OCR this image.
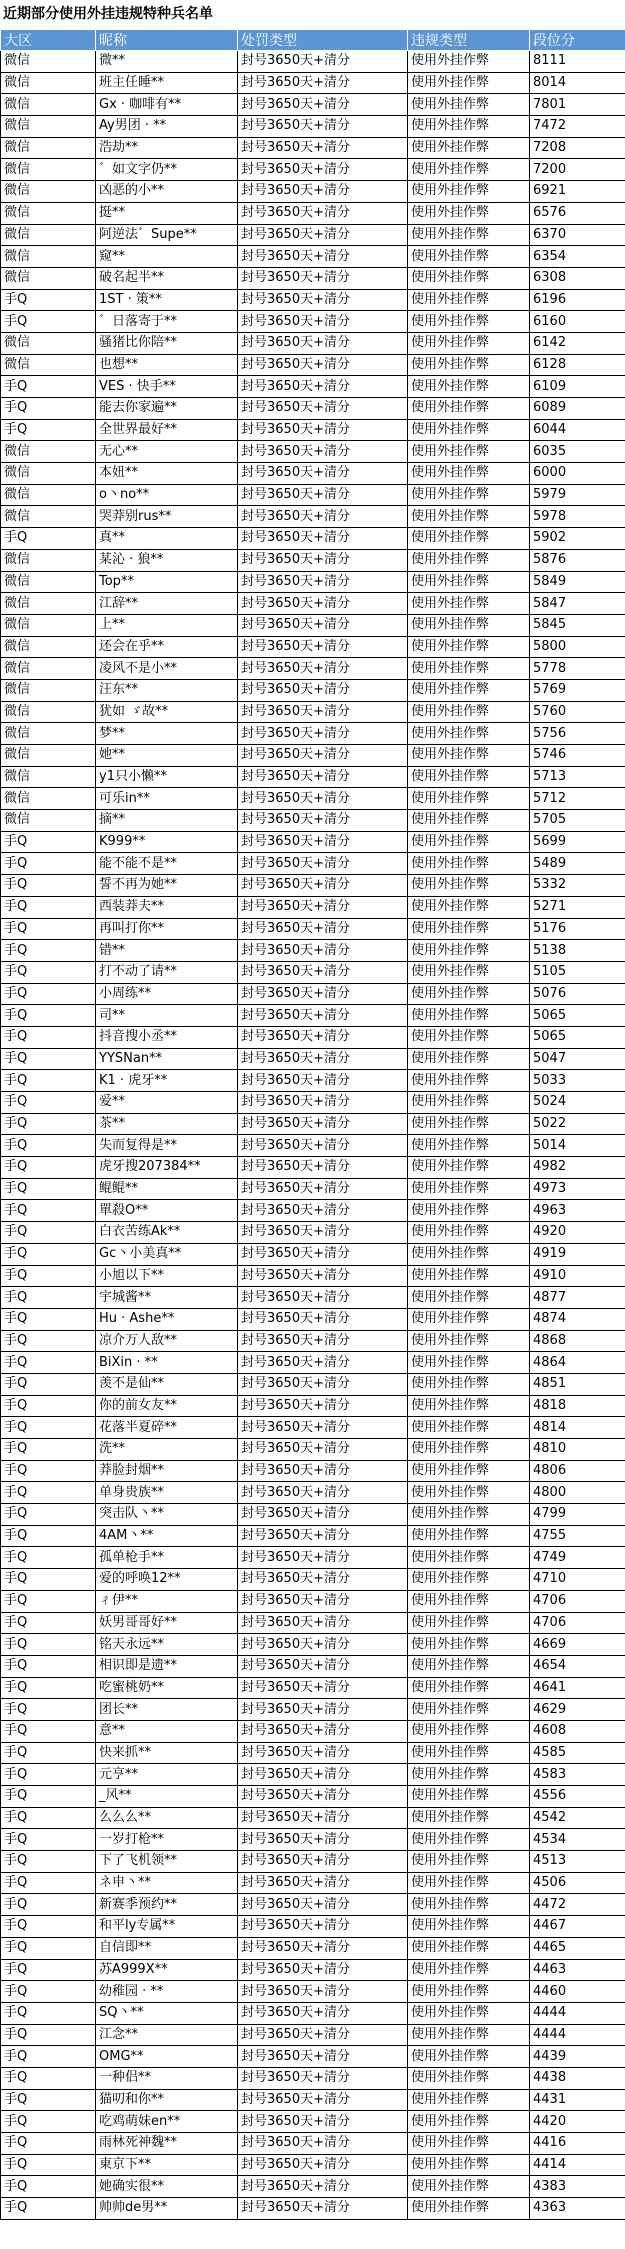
近期部分使用外挂违规特种兵名单
大区	昵称	处罚类型	违规类型	段位分
微信	微**	封号3650天+清分	使用外挂作弊	8111
微信	班主任睡**	封号3650天+清分	使用外挂作弊	8014
微信	Gx · 咖啡有**	封号3650天+清分	使用外挂作弊	7801
微信	Ay男团 · **	封号3650天+清分	使用外挂作弊	7472
微信	浩劫**	封号3650天+清分	使用外挂作弊	7208
微信	゛如文字仍**	封号3650天+清分	使用外挂作弊	7200
微信	凶恶的小**	封号3650天+清分	使用外挂作弊	6921
微信	挺**	封号3650天+清分	使用外挂作弊	6576
微信	阿逆法゛Supe**	封号3650天+清分	使用外挂作弊	6370
微信	窥**	封号3650天+清分	使用外挂作弊	6354
微信	破名起半**	封号3650天+清分	使用外挂作弊	6308
手Q	1ST · 策**	封号3650天+清分	使用外挂作弊	6196
手Q	゛日落寄于**	封号3650天+清分	使用外挂作弊	6160
微信	骚猪比你陪**	封号3650天+清分	使用外挂作弊	6142
微信	也想**	封号3650天+清分	使用外挂作弊	6128
手Q	VES · 快手**	封号3650天+清分	使用外挂作弊	6109
手Q	能去你家遍**	封号3650天+清分	使用外挂作弊	6089
手Q	全世界最好**	封号3650天+清分	使用外挂作弊	6044
微信	无心**	封号3650天+清分	使用外挂作弊	6035
微信	本妞**	封号3650天+清分	使用外挂作弊	6000
微信	o丶no**	封号3650天+清分	使用外挂作弊	5979
微信	哭莽别rus**	封号3650天+清分	使用外挂作弊	5978
手Q	真**	封号3650天+清分	使用外挂作弊	5902
微信	某沁 · 狼**	封号3650天+清分	使用外挂作弊	5876
微信	Top**	封号3650天+清分	使用外挂作弊	5849
微信	江辞**	封号3650天+清分	使用外挂作弊	5847
微信	上**	封号3650天+清分	使用外挂作弊	5845
微信	还会在乎**	封号3650天+清分	使用外挂作弊	5800
微信	凌风不是小**	封号3650天+清分	使用外挂作弊	5778
微信	汪东**	封号3650天+清分	使用外挂作弊	5769
微信	犹如 ゞ故**	封号3650天+清分	使用外挂作弊	5760
微信	梦**	封号3650天+清分	使用外挂作弊	5756
微信	她**	封号3650天+清分	使用外挂作弊	5746
微信	y1只小懒**	封号3650天+清分	使用外挂作弊	5713
微信	可乐in**	封号3650天+清分	使用外挂作弊	5712
微信	摘**	封号3650天+清分	使用外挂作弊	5705
手Q	K999**	封号3650天+清分	使用外挂作弊	5699
手Q	能不能不是**	封号3650天+清分	使用外挂作弊	5489
手Q	誓不再为她**	封号3650天+清分	使用外挂作弊	5332
手Q	西装莽夫**	封号3650天+清分	使用外挂作弊	5271
手Q	再叫打你**	封号3650天+清分	使用外挂作弊	5176
手Q	错**	封号3650天+清分	使用外挂作弊	5138
手Q	打不动了请**	封号3650天+清分	使用外挂作弊	5105
手Q	小周练**	封号3650天+清分	使用外挂作弊	5076
手Q	司**	封号3650天+清分	使用外挂作弊	5065
手Q	抖音搜小丞**	封号3650天+清分	使用外挂作弊	5065
手Q	YYSNan**	封号3650天+清分	使用外挂作弊	5047
手Q	K1 · 虎牙**	封号3650天+清分	使用外挂作弊	5033
手Q	爱**	封号3650天+清分	使用外挂作弊	5024
手Q	茶**	封号3650天+清分	使用外挂作弊	5022
手Q	失而复得是**	封号3650天+清分	使用外挂作弊	5014
手Q	虎牙搜207384**	封号3650天+清分	使用外挂作弊	4982
手Q	鲲鲲**	封号3650天+清分	使用外挂作弊	4973
手Q	單殺O**	封号3650天+清分	使用外挂作弊	4963
手Q	白衣苦练Ak**	封号3650天+清分	使用外挂作弊	4920
手Q	Gc丶小美真**	封号3650天+清分	使用外挂作弊	4919
手Q	小旭以下**	封号3650天+清分	使用外挂作弊	4910
手Q	宇城酱**	封号3650天+清分	使用外挂作弊	4877
手Q	Hu · Ashe**	封号3650天+清分	使用外挂作弊	4874
手Q	凉介万人敌**	封号3650天+清分	使用外挂作弊	4868
手Q	BiXin · **	封号3650天+清分	使用外挂作弊	4864
手Q	羡不是仙**	封号3650天+清分	使用外挂作弊	4851
手Q	你的前女友**	封号3650天+清分	使用外挂作弊	4818
手Q	花落半夏碎**	封号3650天+清分	使用外挂作弊	4814
手Q	洗**	封号3650天+清分	使用外挂作弊	4810
手Q	莽脸封烟**	封号3650天+清分	使用外挂作弊	4806
手Q	单身贵族**	封号3650天+清分	使用外挂作弊	4800
手Q	突击队丶**	封号3650天+清分	使用外挂作弊	4799
手Q	4AM丶**	封号3650天+清分	使用外挂作弊	4755
手Q	孤单枪手**	封号3650天+清分	使用外挂作弊	4749
手Q	爱的呼唤12**	封号3650天+清分	使用外挂作弊	4710
手Q	ㄔ伊**	封号3650天+清分	使用外挂作弊	4706
手Q	妖男哥哥好**	封号3650天+清分	使用外挂作弊	4706
手Q	铭天永远**	封号3650天+清分	使用外挂作弊	4669
手Q	相识即是遗**	封号3650天+清分	使用外挂作弊	4654
手Q	吃蜜桃奶**	封号3650天+清分	使用外挂作弊	4641
手Q	团长**	封号3650天+清分	使用外挂作弊	4629
手Q	意**	封号3650天+清分	使用外挂作弊	4608
手Q	快来抓**	封号3650天+清分	使用外挂作弊	4585
手Q	元亨**	封号3650天+清分	使用外挂作弊	4583
手Q	_风**	封号3650天+清分	使用外挂作弊	4556
手Q	么么么**	封号3650天+清分	使用外挂作弊	4542
手Q	一岁打枪**	封号3650天+清分	使用外挂作弊	4534
手Q	下了飞机领**	封号3650天+清分	使用外挂作弊	4513
手Q	ネ申丶**	封号3650天+清分	使用外挂作弊	4506
手Q	新赛季预约**	封号3650天+清分	使用外挂作弊	4472
手Q	和平ly专属**	封号3650天+清分	使用外挂作弊	4467
手Q	自信即**	封号3650天+清分	使用外挂作弊	4465
手Q	苏A999X**	封号3650天+清分	使用外挂作弊	4463
手Q	幼稚园 · **	封号3650天+清分	使用外挂作弊	4460
手Q	SQ丶**	封号3650天+清分	使用外挂作弊	4444
手Q	江念**	封号3650天+清分	使用外挂作弊	4444
手Q	OMG**	封号3650天+清分	使用外挂作弊	4439
手Q	一种侣**	封号3650天+清分	使用外挂作弊	4438
手Q	猫叨和你**	封号3650天+清分	使用外挂作弊	4431
手Q	吃鸡萌妹en**	封号3650天+清分	使用外挂作弊	4420
手Q	雨林死神魏**	封号3650天+清分	使用外挂作弊	4416
手Q	東京下**	封号3650天+清分	使用外挂作弊	4414
手Q	她确实很**	封号3650天+清分	使用外挂作弊	4383
手Q	帅帅de男**	封号3650天+清分	使用外挂作弊	4363
